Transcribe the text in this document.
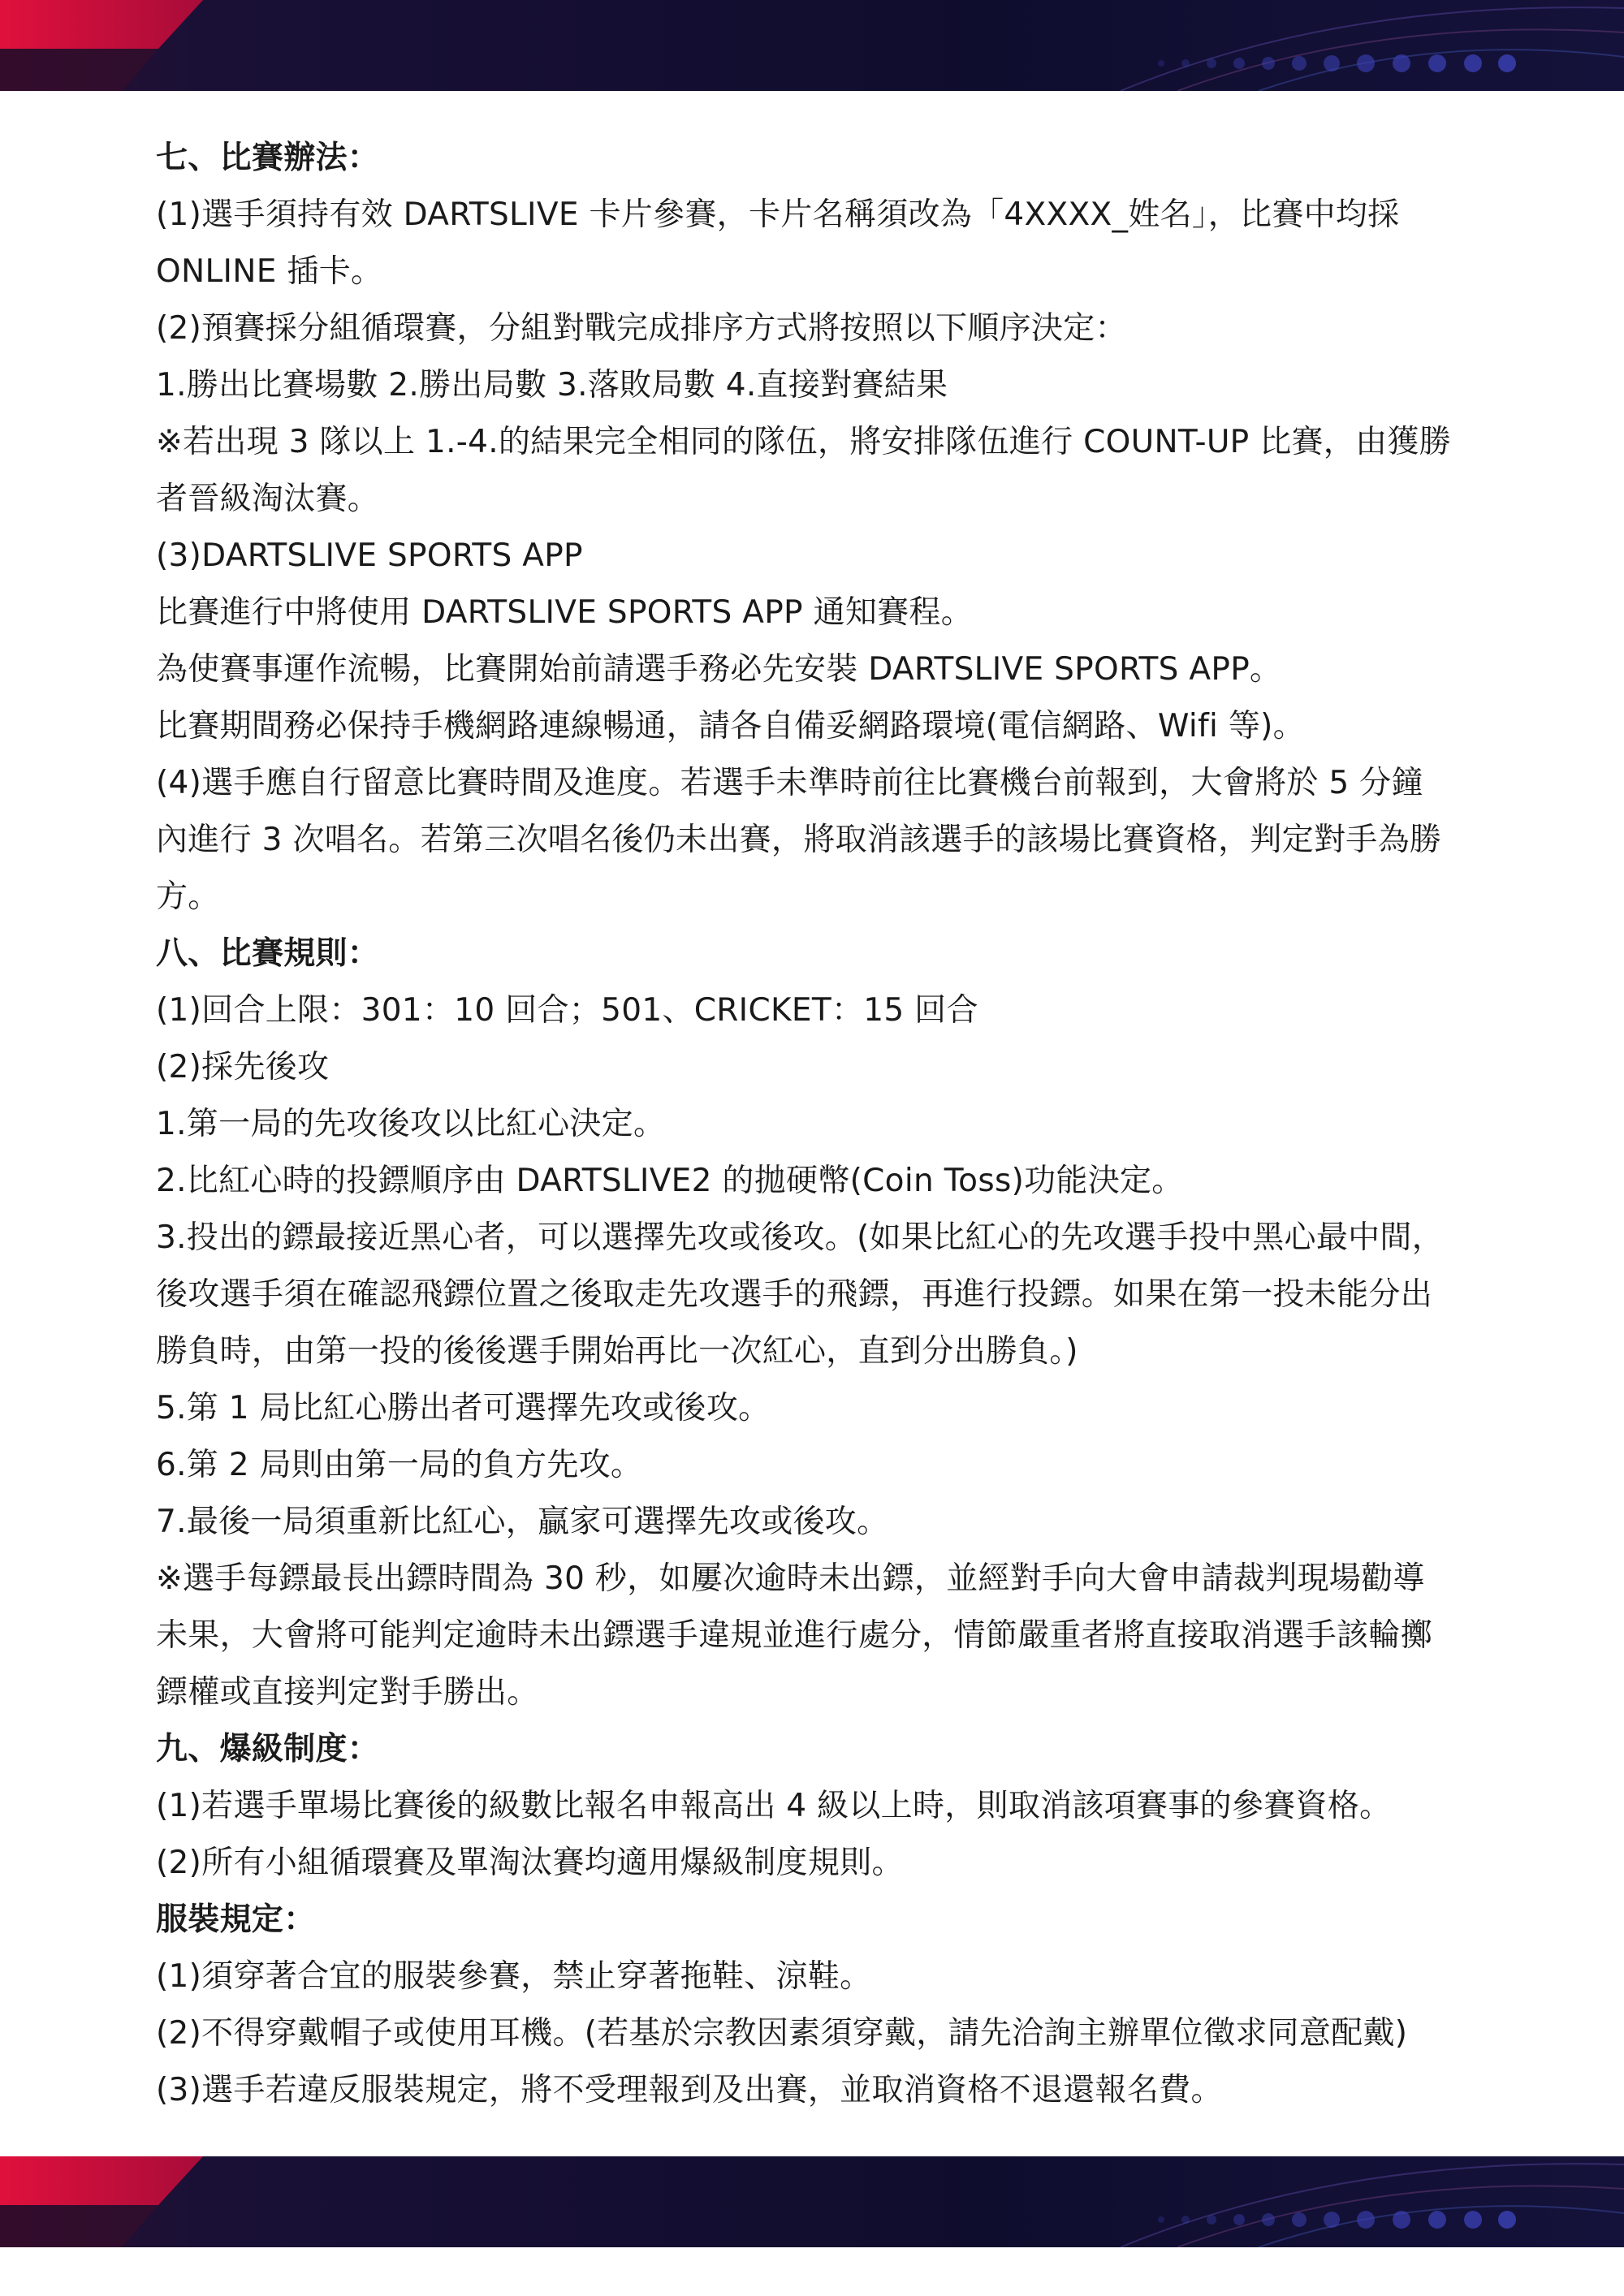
七、比賽辦法：
(1)選手須持有效 DARTSLIVE 卡片參賽，卡片名稱須改為「4XXXX_姓名」，比賽中均採
ONLINE 插卡。
(2)預賽採分組循環賽，分組對戰完成排序方式將按照以下順序決定：
1.勝出比賽場數 2.勝出局數 3.落敗局數 4.直接對賽結果
※若出現 3 隊以上 1.-4.的結果完全相同的隊伍，將安排隊伍進行 COUNT-UP 比賽，由獲勝
者晉級淘汰賽。
(3)DARTSLIVE SPORTS APP
比賽進行中將使用 DARTSLIVE SPORTS APP 通知賽程。
為使賽事運作流暢，比賽開始前請選手務必先安裝 DARTSLIVE SPORTS APP。
比賽期間務必保持手機網路連線暢通，請各自備妥網路環境(電信網路、Wifi 等)。
(4)選手應自行留意比賽時間及進度。若選手未準時前往比賽機台前報到，大會將於 5 分鐘
內進行 3 次唱名。若第三次唱名後仍未出賽，將取消該選手的該場比賽資格，判定對手為勝
方。
八、比賽規則：
(1)回合上限：301：10 回合；501、CRICKET：15 回合
(2)採先後攻
1.第一局的先攻後攻以比紅心決定。
2.比紅心時的投鏢順序由 DARTSLIVE2 的拋硬幣(Coin Toss)功能決定。
3.投出的鏢最接近黑心者，可以選擇先攻或後攻。(如果比紅心的先攻選手投中黑心最中間，
後攻選手須在確認飛鏢位置之後取走先攻選手的飛鏢，再進行投鏢。如果在第一投未能分出
勝負時，由第一投的後後選手開始再比一次紅心，直到分出勝負。)
5.第 1 局比紅心勝出者可選擇先攻或後攻。
6.第 2 局則由第一局的負方先攻。
7.最後一局須重新比紅心，贏家可選擇先攻或後攻。
※選手每鏢最長出鏢時間為 30 秒，如屢次逾時未出鏢，並經對手向大會申請裁判現場勸導
未果，大會將可能判定逾時未出鏢選手違規並進行處分，情節嚴重者將直接取消選手該輪擲
鏢權或直接判定對手勝出。
九、爆級制度：
(1)若選手單場比賽後的級數比報名申報高出 4 級以上時，則取消該項賽事的參賽資格。
(2)所有小組循環賽及單淘汰賽均適用爆級制度規則。
服裝規定：
(1)須穿著合宜的服裝參賽，禁止穿著拖鞋、涼鞋。
(2)不得穿戴帽子或使用耳機。(若基於宗教因素須穿戴，請先洽詢主辦單位徵求同意配戴)
(3)選手若違反服裝規定，將不受理報到及出賽，並取消資格不退還報名費。
